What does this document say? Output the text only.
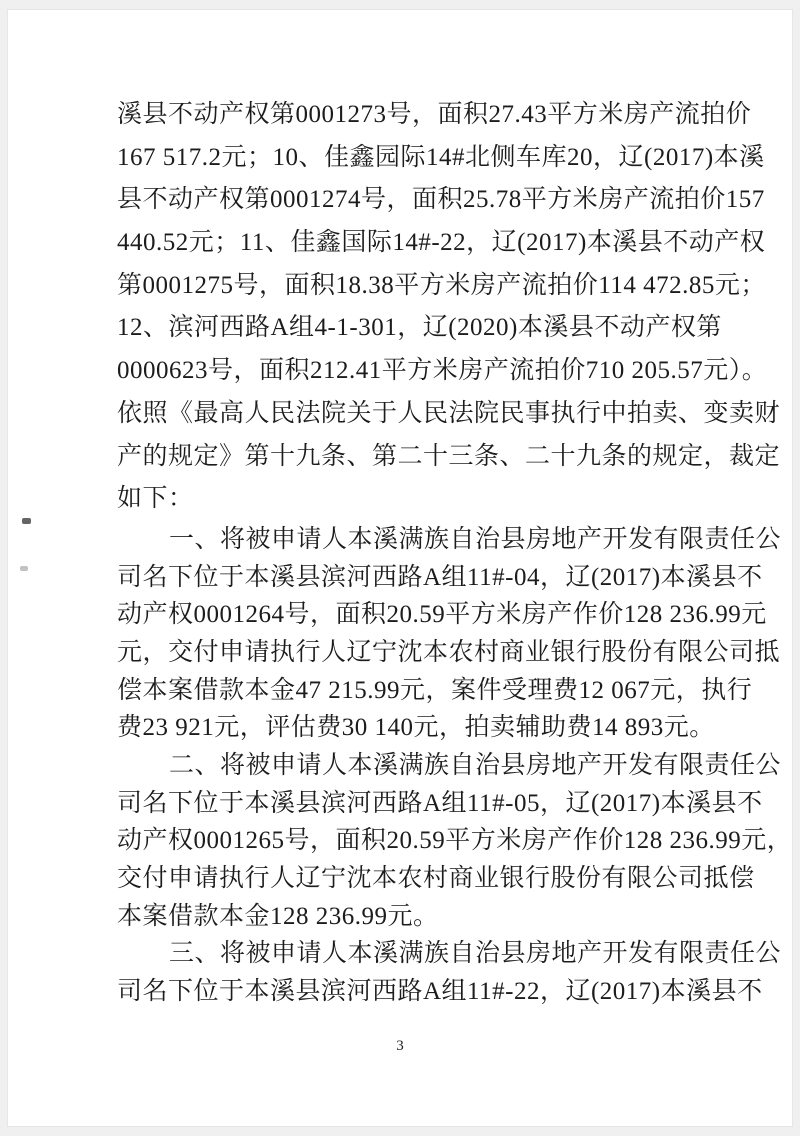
溪县不动产权第0001273号，面积27.43平方米房产流拍价
167 517.2元；10、佳鑫园际14#北侧车库20，辽(2017)本溪
县不动产权第0001274号，面积25.78平方米房产流拍价157
440.52元；11、佳鑫国际14#-22，辽(2017)本溪县不动产权
第0001275号，面积18.38平方米房产流拍价114 472.85元；
12、滨河西路A组4-1-301，辽(2020)本溪县不动产权第
0000623号，面积212.41平方米房产流拍价710 205.57元）。
依照《最高人民法院关于人民法院民事执行中拍卖、变卖财
产的规定》第十九条、第二十三条、二十九条的规定，裁定
如下：
一、将被申请人本溪满族自治县房地产开发有限责任公
司名下位于本溪县滨河西路A组11#-04，辽(2017)本溪县不
动产权0001264号，面积20.59平方米房产作价128 236.99元
元，交付申请执行人辽宁沈本农村商业银行股份有限公司抵
偿本案借款本金47 215.99元，案件受理费12 067元，执行
费23 921元，评估费30 140元，拍卖辅助费14 893元。
二、将被申请人本溪满族自治县房地产开发有限责任公
司名下位于本溪县滨河西路A组11#-05，辽(2017)本溪县不
动产权0001265号，面积20.59平方米房产作价128 236.99元，
交付申请执行人辽宁沈本农村商业银行股份有限公司抵偿
本案借款本金128 236.99元。
三、将被申请人本溪满族自治县房地产开发有限责任公
司名下位于本溪县滨河西路A组11#-22，辽(2017)本溪县不
3
